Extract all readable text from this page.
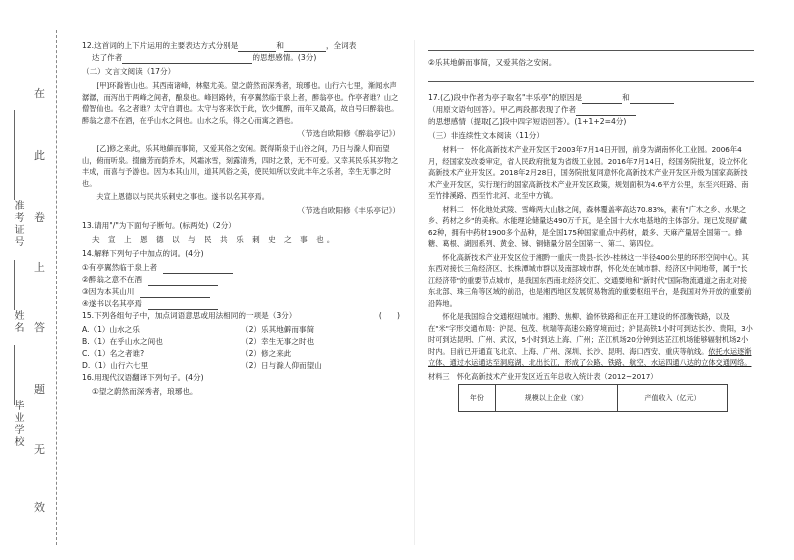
在
此
卷
上
答
题
无
效
准考证号
姓名
毕业学校
12.这首词的上下片运用的主要表达方式分别是	和	，全词表
达了作者	的思想感情。(3分)
（二）文言文阅读（17分）
[甲]环滁皆山也。其西南诸峰，林壑尤美。望之蔚然而深秀者，琅琊也。山行六七里，渐闻水声潺潺，而泻出于两峰之间者，酿泉也。峰回路转，有亭翼然临于泉上者，醉翁亭也。作亭者谁？山之僧智仙也。名之者谁？太守自谓也。太守与客来饮于此，饮少辄醉，而年又最高，故自号曰醉翁也。醉翁之意不在酒，在乎山水之间也。山水之乐，得之心而寓之酒也。
（节选自欧阳修《醉翁亭记》）
[乙]修之来此，乐其地僻而事简，又爱其俗之安闲。既得斯泉于山谷之间，乃日与滁人仰而望山，俯而听泉。掇幽芳而荫乔木，风霜冰雪，刻露清秀，四时之景，无不可爱。又幸其民乐其岁物之丰成，而喜与予游也。因为本其山川，道其风俗之美，使民知所以安此丰年之乐者，幸生无事之时也。
夫宣上恩德以与民共乐刺史之事也。遂书以名其亭焉。
（节选自欧阳修《丰乐亭记》）
13.请用"/"为下面句子断句。(标两处)（2分）
夫 宣 上 恩 德 以 与 民 共 乐 刺 史 之 事 也。
14.解释下列句子中加点的词。(4分)
①有亭翼然临于泉上者
②醉翁之意不在酒
③因为本其山川
④遂书以名其亭焉
15.下列各组句子中，加点词语意思或用法相同的一项是（3分）	(　　)
A.（1）山水之乐	（2）乐其地僻而事简
B.（1）在乎山水之间也	（2）幸生无事之时也
C.（1）名之者谁?	（2）修之来此
D.（1）山行六七里	（2）日与滁人仰而望山
16.用现代汉语翻译下列句子。(4分)
①望之蔚然而深秀者，琅琊也。
②乐其地僻而事简，又爱其俗之安闲。
17.(乙)段中作者为亭子取名"丰乐亭"的原因是	和
（用原文语句回答）。甲乙两段都表现了作者
的思想感情（提取[乙]段中四字短语回答）。(1+1+2=4分)
（三）非连续性文本阅读（11分）
材料一　怀化高新技术产业开发区于2003年7月14日开园，前身为湖南怀化工业园。2006年4月，经国家发改委审定，省人民政府批复为省级工业园。2016年7月14日，经国务院批复，设立怀化高新技术产业开发区。2018年2月28日，国务院批复同意怀化高新技术产业开发区升级为国家高新技术产业开发区，实行现行的国家高新技术产业开发区政策，规划面积为4.6平方公里，东至兴旺路、南至竹排溪路、西至竹北河、北至中方镇。
材料二　怀化地处武陵、雪峰两大山脉之间，森林覆盖率高达70.83%，素有"广木之乡、水果之乡、药材之乡"的美称。水能理论储量达490万千瓦，是全国十大水电基地的主体部分。现已发现矿藏62种，拥有中药材1900多个品种，是全国175种国家重点中药材，最多、天麻产量居全国第一。蜂糖、葛根、湖园系列、黄金、锑、铜储量分居全国第一、第二、第四位。
怀化高新技术产业开发区位于湘黔一重庆一贵县-长沙-桂林这一半径400公里的环形空间中心。其东西对接长三角经济区、长株潭城市群以及南部城市群，怀化处在城市群、经济区中间地带，属于"长江经济带"的重要节点城市，是我国东西南北经济交汇、交通要地和"新时代"国际物流通道之南北对接东北部、珠三角等区域的前沿，也是湘西地区发展贸易物流的重要枢纽平台，是我国对外开放的重要前沿阵地。
怀化是我国综合交通枢纽城市。湘黔、焦柳、渝怀铁路和正在开工建设的怀邵衡铁路，以及在"米"字形交通布局：沪昆、包茂、杭瑞等高速公路穿境而过；沪昆高铁1小时可到达长沙、贵阳，3小时可到达昆明、广州、武汉，5小时到达上海、广州；芷江机场20分钟到达芷江机场能够辐射机场2小时内。目前已开通直飞北京、上海、广州、深圳、长沙、昆明、海口西安、重庆等航线。依托水运逐渐立体、通过水运通达至洞庭湖、北出长江，形成了公路、铁路、航空、水运四通八达的立体交通网络。
材料三　怀化高新技术产业开发区近五年总收入统计表（2012~2017）
年份	规模以上企业（家）	产值收入（亿元）
